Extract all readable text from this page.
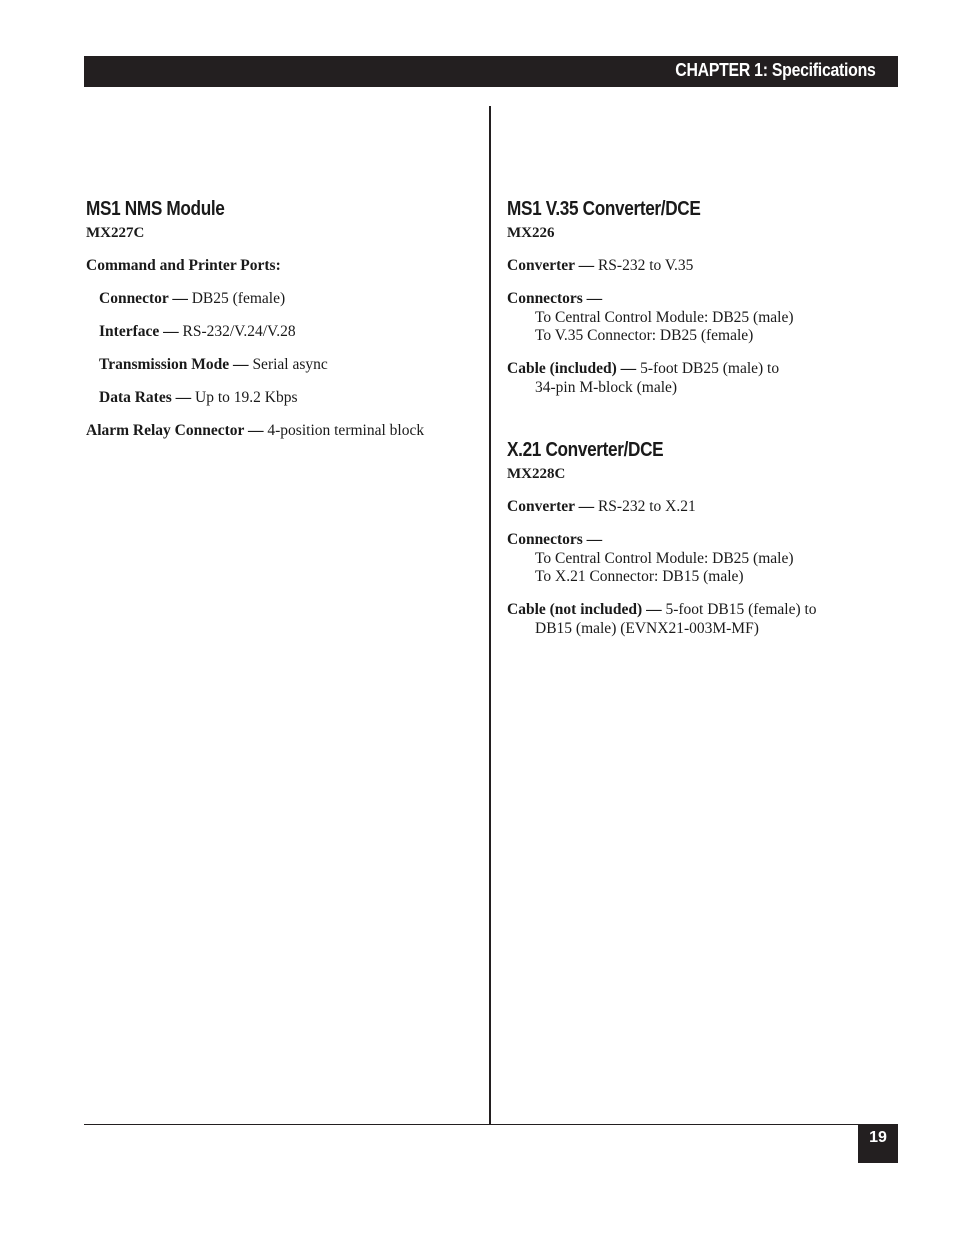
CHAPTER 1: Specifications
MS1 NMS Module
MX227C
Command and Printer Ports:
Connector — DB25 (female)
Interface — RS-232/V.24/V.28
Transmission Mode — Serial async
Data Rates — Up to 19.2 Kbps
Alarm Relay Connector — 4-position terminal block
MS1 V.35 Converter/DCE
MX226
Converter — RS-232 to V.35
Connectors —
To Central Control Module: DB25 (male)
To V.35 Connector: DB25 (female)
Cable (included) — 5-foot DB25 (male) to
34-pin M-block (male)
X.21 Converter/DCE
MX228C
Converter — RS-232 to X.21
Connectors —
To Central Control Module: DB25 (male)
To X.21 Connector: DB15 (male)
Cable (not included) — 5-foot DB15 (female) to
DB15 (male) (EVNX21-003M-MF)
19
